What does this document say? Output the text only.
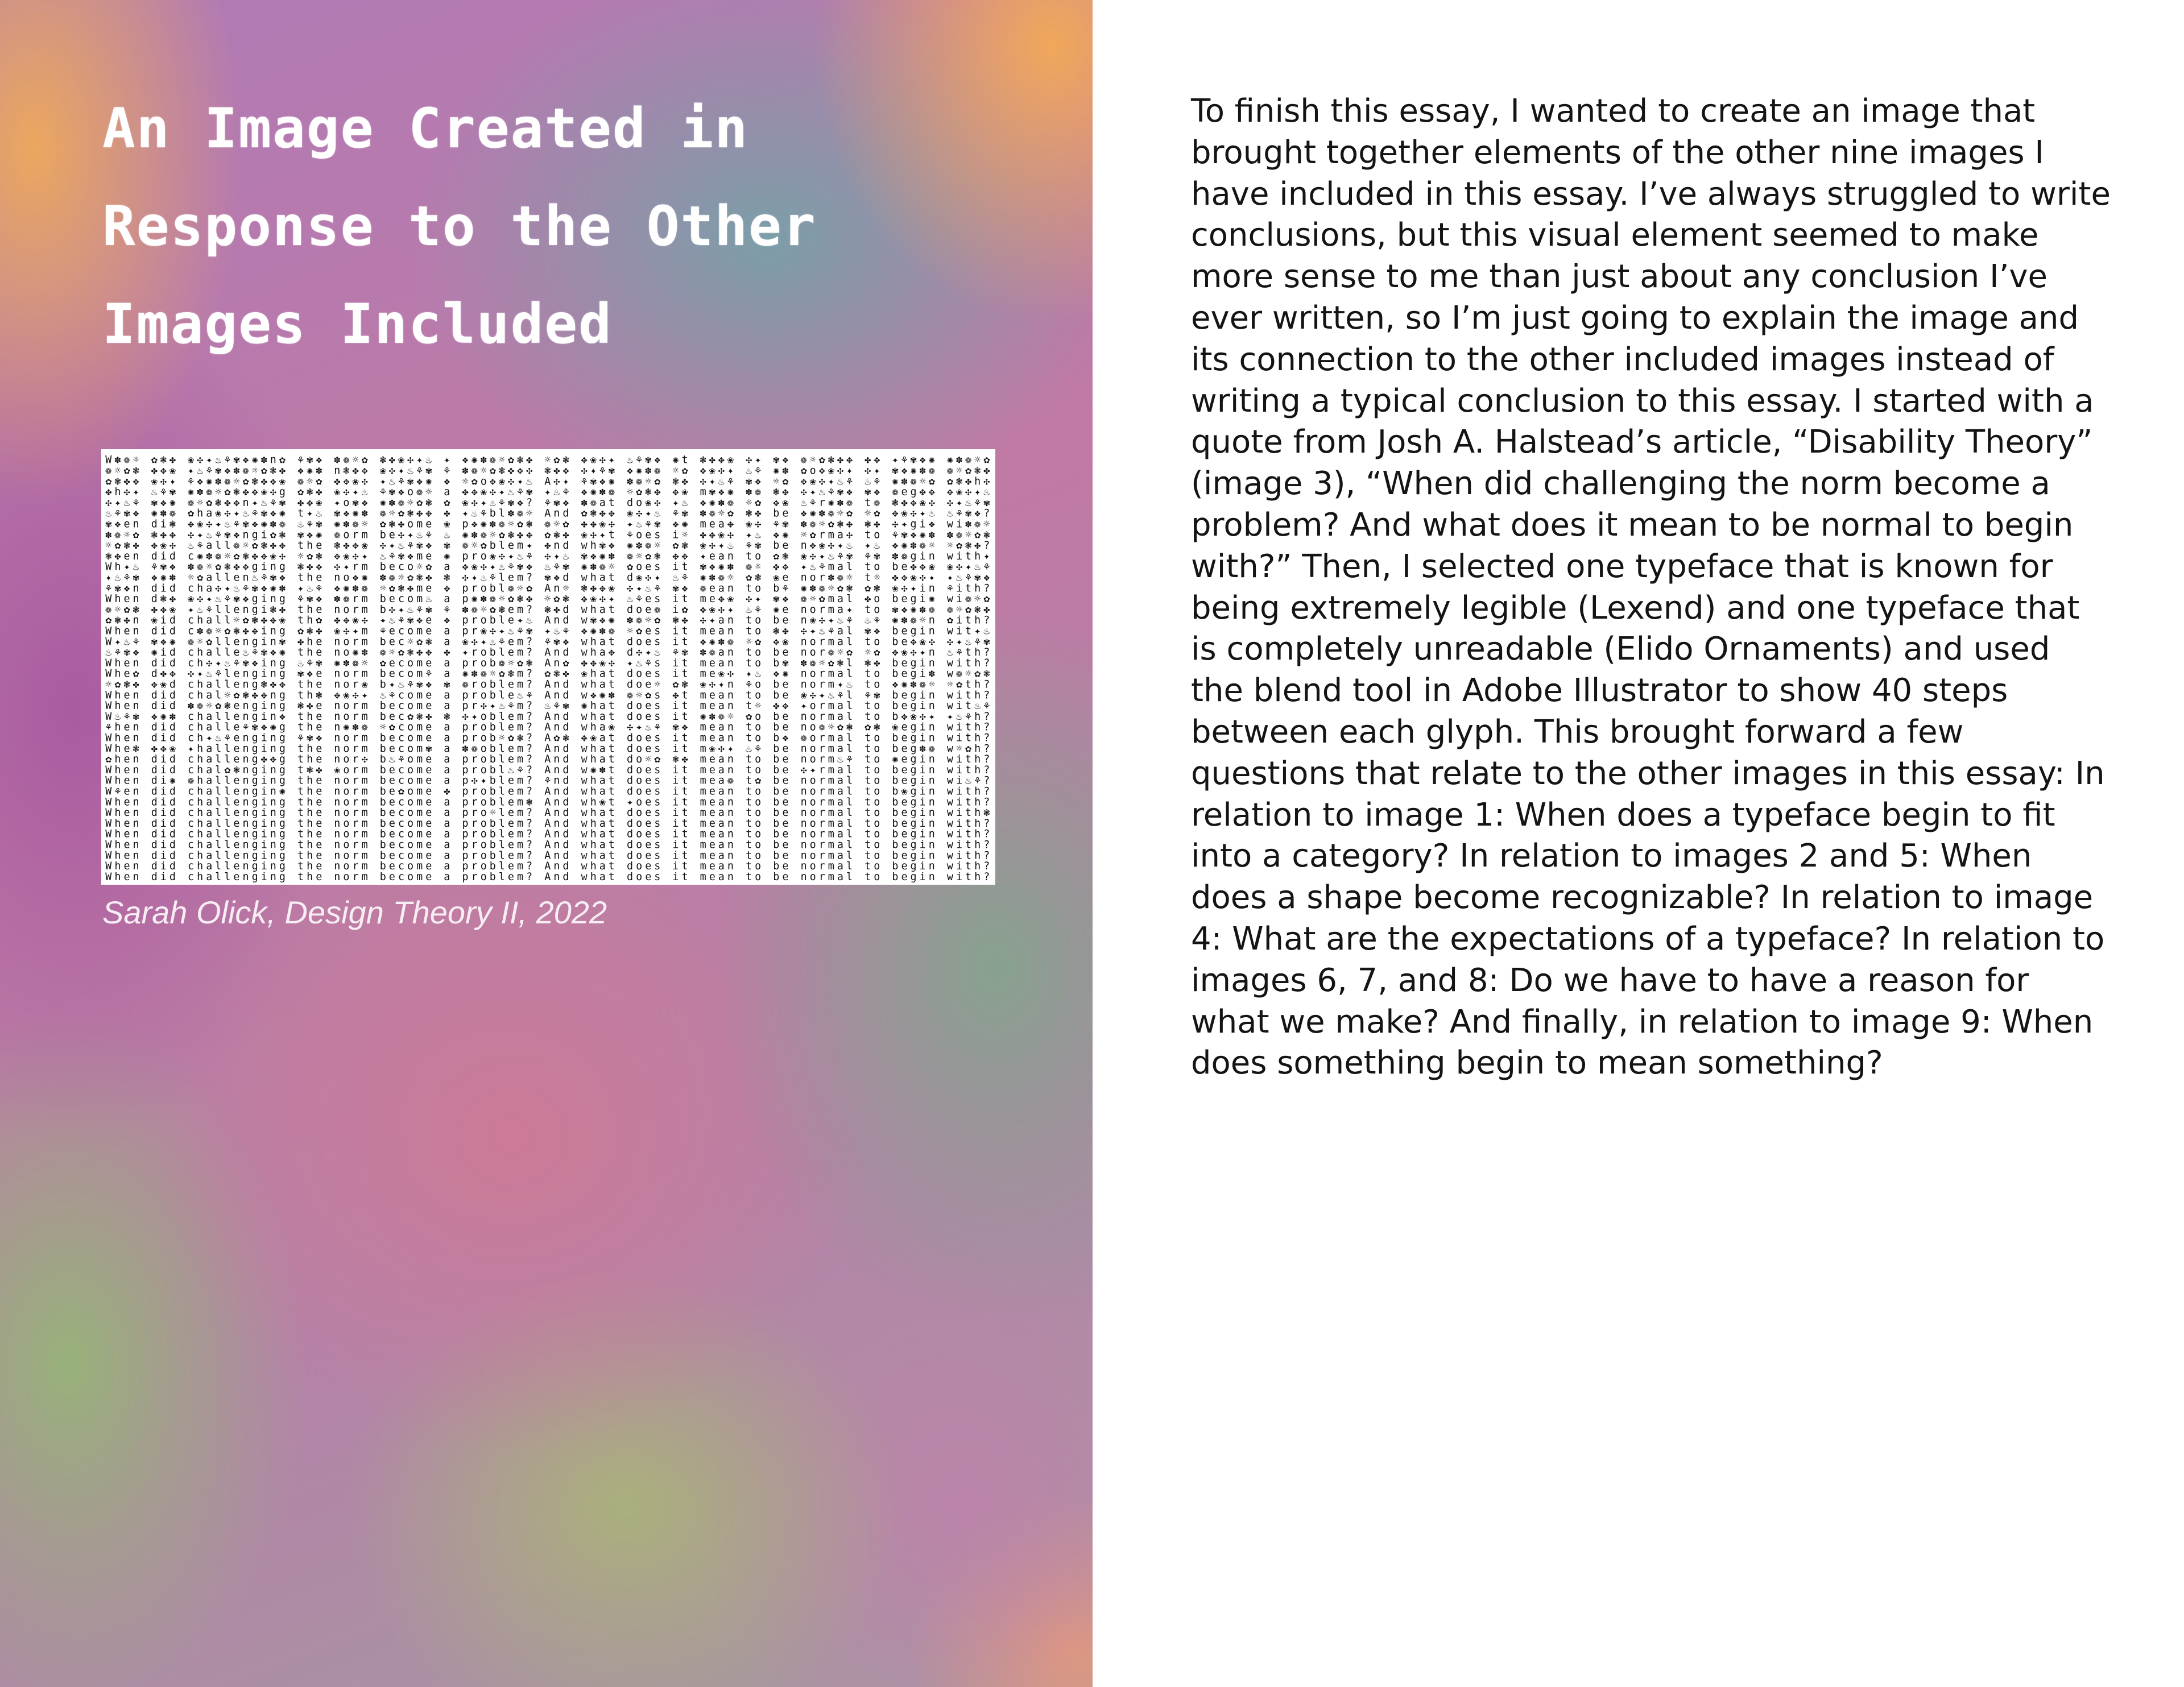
An Image Created in
Response to the Other
Images Included
W ✽ ❁ ☼ ✿ ❃ ✤ ❀ ✣ ✦ ♨ ⚘ ✾ ❖ ✺ ✽ n ✿ ⚘ ✾ ❖ ✽ ❁ ☼ ✿ ❃ ✤ ❀ ✣ ✦ ♨ ✦ ❖ ✺ ✽ ❁ ☼ ✿ ❃ ✤ ☼ ✿ ❃ ✥ ❀ ✣ ✦ ♨ ⚘ ✾ ❖ ✺ t ❃ ✤ ✥ ❀ ✣ ✦ ✾ ❖ ❁ ☼ ✿ ❃ ✤ ✥ ✤ ✥ ✦ ⚘ ✾ ❖ ✺ ✺ ✽ ❁ ☼ ✿
❁ ☼ ✿ ❃ ✤ ✥ ❀ ✦ ♨ ⚘ ✾ ❖ ✽ ❁ ☼ ✿ ❃ ✤ ❖ ✺ ✽ n ❃ ✤ ✥ ❀ ✣ ✦ ♨ ⚘ ✾ ⚘ ✽ ❁ ☼ ✿ ❃ ✤ ✥ ✣ ❃ ✤ ✥ ✣ ✦ ⚘ ✾ ❖ ✺ ✽ ❁ ☼ ✿ ✥ ❀ ✣ ✦ ♨ ⚘ ✺ ✽ ✿ o ✥ ❀ ✣ ✦ ✣ ✦ ✾ ❖ ✺ ✽ ❁ ❁ ☼ ✿ ❃ ✤
✿ ❃ ✤ ✥ ❀ ✣ ✦ ⚘ ❖ ✺ ✽ ❁ ☼ ✿ ❃ ✤ ✥ ❀ ❁ ☼ ✿ ✤ ✥ ❀ ✣ ✦ ♨ ⚘ ✾ ❖ ✺ ❖ ☼ ✿ o ✥ ❀ ✣ ✦ ♨ A ✣ ✦ ⚘ ✾ ❖ ✺ ✽ ❁ ☼ ✿ ❃ ✤ ✣ ✦ ♨ ⚘ ✾ ❖ ☼ ✿ ✥ ❀ ✣ ✦ ♨ ⚘ ♨ ⚘ ✺ ✽ ❁ ☼ ✿ ✿ ❃ ✤ h ✣
✤ h ✣ ✦ ♨ ⚘ ✾ ✺ ✽ ❁ ☼ ✿ ❃ ✤ ✥ ❀ ✣ g ✿ ❃ ✤ ❀ ✣ ✦ ♨ ⚘ ✾ ❖ o ❁ ☼ a ✤ ✥ ❀ ✣ ✦ ♨ ⚘ ✾ ✦ ♨ ⚘ ❖ ✺ ✽ ❁ ☼ ✿ ❃ ✤ ✥ ❀ m ✾ ❖ ✺ ✽ ❁ ❃ ✤ ✣ ✦ ♨ ⚘ ✾ ❖ ✾ ❖ ❁ e g ✤ ✥ ✥ ❀ ✣ ✦ ♨
✣ ✦ ♨ ⚘ ✾ ❖ ✺ ❁ ☼ ✿ ❃ ✤ ✥ n ✦ ♨ ⚘ ✾ ✤ ✥ ❀ ✦ o ✾ ❖ ✺ ✽ ❁ ☼ ✿ ❃ ✿ ❀ ✣ ✦ ♨ ⚘ ✾ ❖ ? ⚘ ✾ ❖ ✽ ❁ a t d o ❀ ✣ ✦ ♨ ❖ ✺ ✽ ❁ ☼ ✿ ✥ ❀ ♨ ⚘ r ✺ ✽ ❁ t ❁ ❃ ✤ ✥ ❀ ✣ ✣ ✦ ♨ ⚘ ✾
♨ ⚘ ✾ ❖ ✺ ✽ ❁ ✿ h a ❀ ✣ ✦ ♨ ⚘ ✾ ❖ ✺ t ✦ ♨ ✾ ❖ ✺ ✽ ❁ ☼ ✿ ❃ ✤ ✥ ✤ ✦ ♨ ⚘ b l ✽ ❁ ☼ A n d ✿ ❃ ✤ ✥ ❀ ✣ ✦ ♨ ⚘ ✾ ✽ ❁ ☼ ✿ ❃ ✤ b e ❖ ✺ ✽ ❁ ☼ ✿ ☼ ✿ ✥ ❀ ✣ ✦ ♨ ♨ ⚘ ✾ ❖ ?
✾ ❖ e n d i ❃ ✥ ❀ ✣ ✦ ♨ ⚘ ✾ ❖ ✺ ✽ ❁ ♨ ⚘ ✾ ✺ ✽ ❁ ☼ ✿ ❃ ✤ o m e ❀ p ❖ ✺ ✽ ❁ ☼ ✿ ❃ ❁ ☼ ✿ ✤ ✥ ❀ ✣ ✦ ♨ ⚘ ✾ ❖ ✺ m e a ✥ ❀ ✣ ⚘ ✾ ✽ ❁ ☼ ✿ ❃ ✤ ❃ ✤ ✣ ✦ g i ❖ w i ✽ ❁ ☼
✽ ❁ ☼ ✿ ❃ ✤ ✥ ✣ ✦ ♨ ⚘ ✾ ❖ n g i ✿ ❃ ✾ ❖ ✺ ❁ o r m b e ✣ ✦ ♨ ⚘ ♨ ✺ ✽ ❁ ☼ ✿ ❃ ✤ ✥ ✿ ❃ ✤ ❀ ✣ ✦ t ⚘ o e s i ☼ ✤ ✥ ❀ ✣ ✦ ♨ ❖ ✺ ☼ ✿ r m a ✣ t o ⚘ ✾ ❖ ✺ ✽ ✽ ❁ ☼ ✿ ❃
☼ ✿ ❃ ✤ ✥ ❀ ✣ ♨ ⚘ a l l ❁ ☼ ✿ ❃ ✤ ✥ t h e ❃ ✤ ✥ ❀ ✣ ✦ ♨ ⚘ ✾ ❖ ✾ ❁ ☼ ✿ b l e m ✦ ✤ n d w h ✾ ❖ ✺ ✽ ❁ ☼ ✿ ❃ ❀ ✣ ✦ ♨ ⚘ ✾ b e n ✥ ❀ ✣ ✦ ♨ ✦ ♨ ❖ ✺ ✽ ❁ ☼ ☼ ✿ ❃ ✤ ?
❃ ✤ e n d i d c ✺ ✽ ❁ ☼ ✿ ❃ ✤ ✥ ❀ ✣ ☼ ✿ ❃ ✥ ❀ ✣ ✦ ♨ ⚘ ✾ ❖ m e ✺ p r o ❀ ✣ ✦ ♨ ⚘ ✣ ✦ ♨ ✾ ❖ ✺ ✽ ❁ ☼ ✿ ❃ ✤ ✥ ✦ e a n t o ✿ ❃ ❀ ✣ ✦ ♨ ⚘ ✾ ⚘ ✾ ✽ ❁ g i n w i t h ✦
W h ✦ ♨ ⚘ ✾ ❖ ✽ ❁ ☼ ✿ ❃ ✤ ✥ g i n g ❃ ✤ ✥ ✣ ✦ r m b e c o ☼ ✿ a ✥ ❀ ✣ ✦ ♨ ⚘ ✾ ❖ ♨ ⚘ ✾ ✺ ✽ ❁ ☼ ✿ o e s i t ✾ ❖ ✺ ✽ ❁ ☼ ✤ ✥ ✦ ♨ ⚘ m a l t o b e ✤ ✥ ❀ ❀ ✣ ✦ ♨ ⚘
✦ ♨ ⚘ ✾ ❖ ✺ ✽ ☼ ✿ a l l e n ♨ ⚘ ✾ ❖ t h e n o ❖ ✺ ✽ ❁ ☼ ✿ ❃ ✤ ❃ ✣ ✦ ♨ ⚘ l e m ? ✾ ❖ d w h a t d ❀ ✣ ✦ ♨ ⚘ ✺ ✽ ❁ ☼ ✿ ❃ ❀ e n o r ✽ ❁ ☼ t ☼ ✤ ✥ ❀ ✣ ✦ ✦ ♨ ⚘ ✾ ❖
⚘ ✾ ❖ n d i d c h a ✣ ✦ ♨ ⚘ ✾ ❖ ✺ ✽ ✦ ♨ ⚘ ❖ ✺ ✽ ❁ ☼ ✿ ❃ ✤ m e ✥ p r o b l ❁ ☼ ✿ A n ☼ ❃ ✤ ✥ ❀ ✣ ✦ ♨ ⚘ ✾ ❖ ❁ e a n t o b ⚘ ✺ ✽ ❁ ☼ ✿ ❃ ✿ ❃ ❀ ✣ ✦ i n ⚘ i t h ?
W h e n d ❃ ✤ ❀ ✣ ✦ ♨ ⚘ ✾ ❖ g i n g ⚘ ✾ ❖ ✽ ❁ r m b e c o m ♨ a p ✺ ✽ ❁ ☼ ✿ ❃ ✤ ☼ ✿ ❃ ✥ ❀ ✣ ✦ ♨ ⚘ e s i t m e ✥ ❀ ✣ ✦ ✾ ❖ ❁ ☼ ✿ m a l ✤ o b e g i ✺ w i ❁ ☼ ✿
❁ ☼ ✿ ❃ ✤ ✥ ❀ ✦ ♨ ⚘ l l e n g i ❃ ✤ t h e n o r m b ✣ ✦ ♨ ⚘ ✾ ⚘ ✽ ❁ ☼ ✿ ❃ e m ? ❃ ✤ d w h a t d o e ❁ i ✿ ✥ ❀ ✣ ✦ ♨ ⚘ ✺ e n o r m a ✦ t o ✾ ❖ ✺ ✽ ❁ ❁ ☼ ✿ ❃ ✤
✿ ❃ ✤ n ❀ i d c h a l l ☼ ✿ ❃ ✤ ✥ ❀ t h ✿ ✤ ✥ ❀ ✣ ✦ ♨ ⚘ ✾ ❖ e ❖ p r o b l e ✦ ♨ A n d w ✾ ❖ ✺ ✽ ❁ ☼ ✿ ❃ ✤ ✣ ✦ a n t o b e n ❀ ✣ ✦ ♨ ⚘ ♨ ⚘ ✺ ✽ ❁ ☼ n ✿ i t h ?
W h e n d i d c ✽ ❁ ☼ ✿ ❃ ✤ ✥ i n g ✿ ❃ ✤ ❀ ✣ ✦ m ⚘ e c o m e a p r ❀ ✣ ✦ ♨ ⚘ ✾ ✦ ♨ ⚘ ❖ ✺ ✽ ❁ ☼ ✿ e s i t m e a n t o ❃ ✤ ✣ ✦ ♨ ⚘ a l ✾ ❖ b e g i n w i t ✦ ♨
W ✦ ♨ ⚘ ✾ ❖ ✺ ❁ ☼ ✿ l l e n g i n ✾ ✤ h e n o r m b e c ☼ ✿ ❃ a ❀ ✣ ✦ ♨ ⚘ e m ? ⚘ ✾ ❖ w h a t d o e s i t ❖ ✺ ✽ ❁ ☼ ✿ ✥ ❀ n o r m a l t o b e ✥ ❀ ✣ ✣ ✦ ♨ ⚘ ✾
♨ ⚘ ✾ ❖ ✺ i d c h a l l e ♨ ⚘ ✾ ❖ ✺ t h e n o ✺ ✽ ❁ ☼ ✿ ❃ ✤ ✥ ✤ ✦ r o b l e m ? A n d w h a ✥ d ✣ ✦ ♨ ⚘ ✾ ✽ ❁ a n t o b e n o r ❁ ☼ ✿ ☼ ✿ ✥ ❀ ✣ ✦ n ♨ ⚘ t h ?
W h e n d i d c h ✣ ✦ ♨ ⚘ ✾ ❖ i n g ♨ ⚘ ✾ ✺ ✽ ❁ ☼ ✿ e c o m e a p r o b ❁ ☼ ✿ ❃ A n ✿ ✤ ✥ ❀ ✣ ✦ ♨ ⚘ s i t m e a n t o b ✾ ✽ ❁ ☼ ✿ ❃ l ❃ ✤ b e g i n w i t h ?
W h e ✿ d ✤ ✥ ✣ ✦ ♨ ⚘ l e n g i n g ✾ ❖ e n o r m b e c o m ⚘ a ✺ ✽ ❁ ☼ ✿ ❃ m ? ✿ ❃ ✤ ❀ h a t d o e s i t m e ❀ ✣ ✦ ♨ ❖ ✺ n o r m a l t o b e g i ✽ w ❁ ☼ ✿ ❃
☼ ✿ ❃ ✤ ✥ ❀ d c h a l l e n g ❃ ✤ ✥ t h e n o r ❀ b ✦ ♨ ⚘ ✾ ❖ ✾ ❁ r o b l e m ? A n d w h a t d o e ☼ ✿ ❃ ❀ ✣ ✦ n ⚘ o b e n o r m ✦ ♨ t o ❖ ✺ ✽ ❁ ☼ ☼ ✿ t h ?
W h e n d i d c h a l ☼ ✿ ❃ ✤ ✥ n g t h ❃ ✥ ❀ ✣ ✦ ♨ ⚘ c o m e a p r o b l e ♨ ⚘ A n d w ❖ ✺ ✽ ❁ ☼ ✿ s ✤ t m e a n t o b e ❀ ✣ ✦ ♨ ⚘ l ⚘ ✾ b e g i n w i t h ?
W h e n d i d ✽ ❁ ☼ ✿ ❃ e n g i n g ❃ ✤ e n o r m b e c o m e a p r ✣ ✦ ♨ ⚘ m ? ♨ ⚘ ✾ ✺ h a t d o e s i t m e a n t ☼ ✤ ✥ ✦ o r m a l t o b e g i n w i t ♨ ⚘
W ♨ ⚘ ✾ ❖ ✺ ✽ c h a l l e n g i n ❖ t h e n o r m b e c ✿ ❃ ✤ ❃ ✣ ✦ o b l e m ? A n d w h a t d o e s i t ✺ ✽ ❁ ☼ ✿ o b e n o r m a l t o b ✥ ❀ ✣ ✦ ✦ ♨ ⚘ h ?
⚘ h e n d i d c h a l l e ⚘ ✾ ❖ ✺ g t h e n ✺ ✽ ❁ ☼ ✿ c o m e a p r o b l e m ? A n d w h a ❀ ✣ ✦ ♨ ⚘ ✾ ❖ m e a n t o b e n o ❁ ☼ ✿ ❃ ✿ ❃ ❀ e g i n w i t h ?
W h e n d i d c h ✦ ♨ ⚘ e n g i n g ⚘ ✾ ❖ n o r m b e c o m e a p r o b ☼ ✿ ❃ ? A ✿ ❃ ✥ ❀ a t d o e s i t m e a n t o b ❖ ❁ o r m a l t o b e g i n w i t h ?
W h e ❃ ✤ ✥ ❀ ✦ h a l l e n g i n g t h e n o r m b e c o m ✾ a ✽ ❁ o b l e m ? A n d w h a t d o e s i t m ❀ ✣ ✦ ♨ ⚘ b e n o r m a l t o b e g ✽ ❁ w ☼ ✿ h ?
✿ h e n d i d c h a l l e n g ✤ ✥ g t h e n o r ✣ b ♨ ⚘ o m e a p r o b l e m ? A n d w h a t d o ☼ ✿ ❃ ✤ m e a n t o b e n o r m ♨ ⚘ t o ✺ e g i n w i t h ?
W h e n d i d c h a l ✿ ❃ n g i n g t ❃ ✤ ❀ o r m b e c o m e a p r o b l ♨ ⚘ ? A n d w ✺ ✽ t d o e s i t m e a n t o b e ✣ ✦ r m a l t o b e g i n w i t h ?
W h e n d i ✺ ❁ h a l l e n g i n g t h e n o r m b e c o m e a p ✣ ✦ b l e m ? ⚘ n d w h a t d o e s i t m e a ❁ t ✿ b e n o r m a l t o b e g i n w i ♨ ⚘ ?
W ⚘ e n d i d c h a l l e n g i n ✺ t h e n o r m b e ✿ o m e ✤ p r o b l e m ? A n d w h a t d o e s i t m e a n t o b e n o r m a l t o b ❀ g i n w i t h ?
W h e n d i d c h a l l e n g i n g t h e n o r m b e c o m e a p r o b l e m ❃ A n d w h ❀ t ✦ o e s i t m e a n t o b e n o r m a l t o b e g i n w i t h ?
W h e n d i d c h a l l e n g i n g t h e n o r m b e c o m e a p r o ☼ l e m ? A n d w h a t d o e s i t m e a n t o b e n o r m a l t o b e g i n w i t h ❃
W h e n d i d c h a l l e n g i n g t h e n o r m b e c o m e a p r o b l e m ? A n d w h a t d o e s i t m e a n t o b e n o r m a l t o b e g i n w i t h ?
W h e n d i d c h a l l e n g i n g t h e n o r m b e c o m e a p r o b l e m ? A n d w h a t d o e s i t m e a n t o b e n o r m a l t o b e g i n w i t h ?
W h e n d i d c h a l l e n g i n g t h e n o r m b e c o m e a p r o b l e m ? A n d w h a t d o e s i t m e a n t o b e n o r m a l t o b e g i n w i t h ?
W h e n d i d c h a l l e n g i n g t h e n o r m b e c o m e a p r o b l e m ? A n d w h a t d o e s i t m e a n t o b e n o r m a l t o b e g i n w i t h ?
W h e n d i d c h a l l e n g i n g t h e n o r m b e c o m e a p r o b l e m ? A n d w h a t d o e s i t m e a n t o b e n o r m a l t o b e g i n w i t h ?
W h e n d i d c h a l l e n g i n g t h e n o r m b e c o m e a p r o b l e m ? A n d w h a t d o e s i t m e a n t o b e n o r m a l t o b e g i n w i t h ?
Sarah Olick, Design Theory II, 2022

To finish this essay, I wanted to create an image that brought together elements of the other nine images I have included in this essay. I’ve always struggled to write conclusions, but this visual element seemed to make more sense to me than just about any conclusion I’ve ever written, so I’m just going to explain the image and its connection to the other included images instead of writing a typical conclusion to this essay. I started with a quote from Josh A. Halstead’s article, “Disability Theory” (image 3), “When did challenging the norm become a problem? And what does it mean to be normal to begin with?” Then, I selected one typeface that is known for being extremely legible (Lexend) and one typeface that is completely unreadable (Elido Ornaments) and used the blend tool in Adobe Illustrator to show 40 steps between each glyph. This brought forward a few questions that relate to the other images in this essay: In relation to image 1: When does a typeface begin to fit into a category? In relation to images 2 and 5: When does a shape become recognizable? In relation to image 4: What are the expectations of a typeface? In relation to images 6, 7, and 8: Do we have to have a reason for what we make? And finally, in relation to image 9: When does something begin to mean something?
